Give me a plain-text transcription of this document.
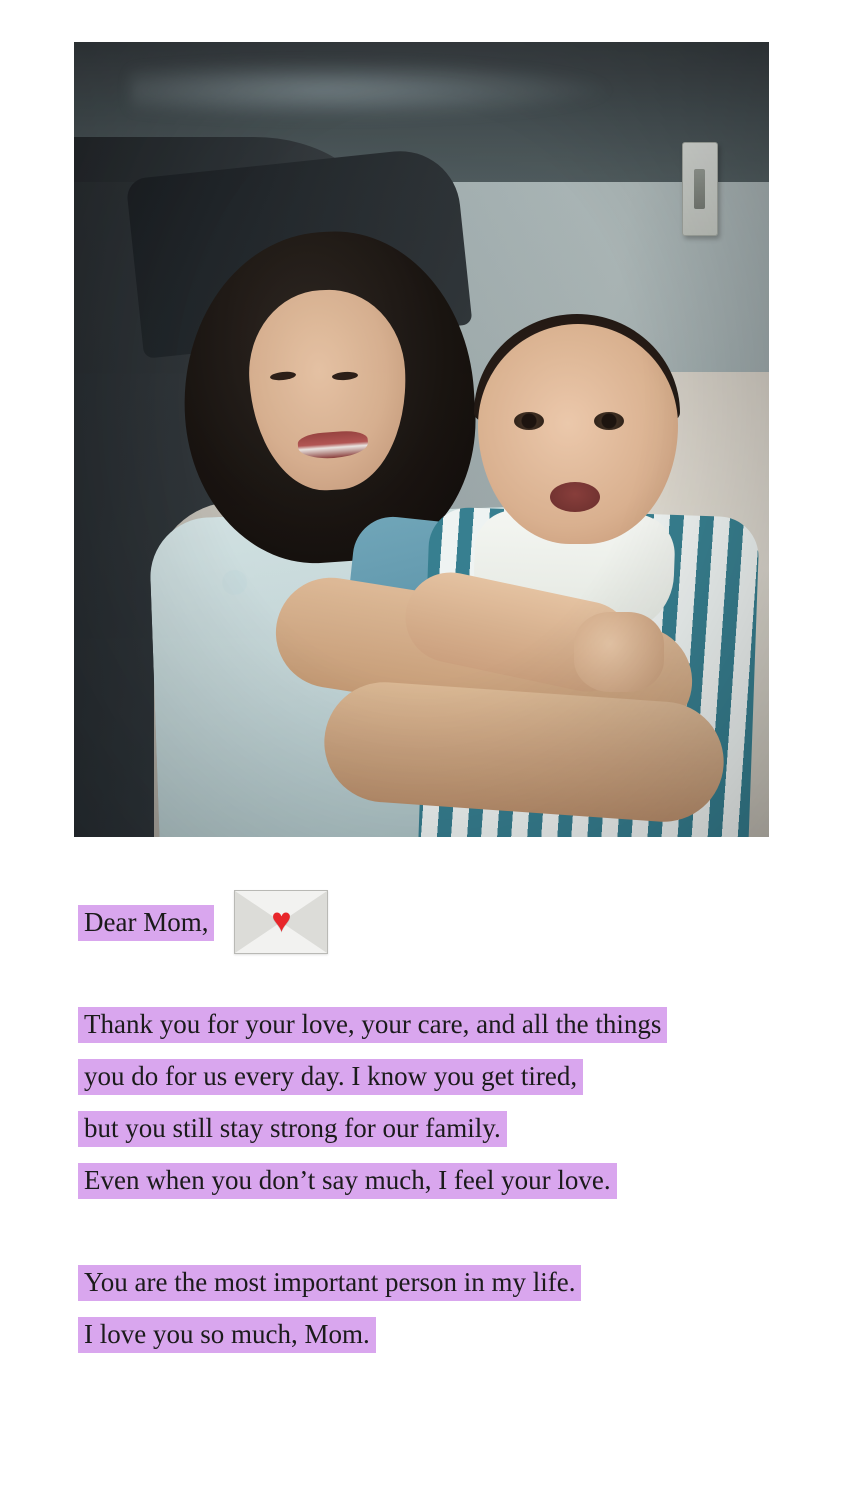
Dear Mom, ♥
Thank you for your love, your care, and all the things
you do for us every day. I know you get tired,
but you still stay strong for our family.
Even when you don’t say much, I feel your love.
You are the most important person in my life.
I love you so much, Mom.
